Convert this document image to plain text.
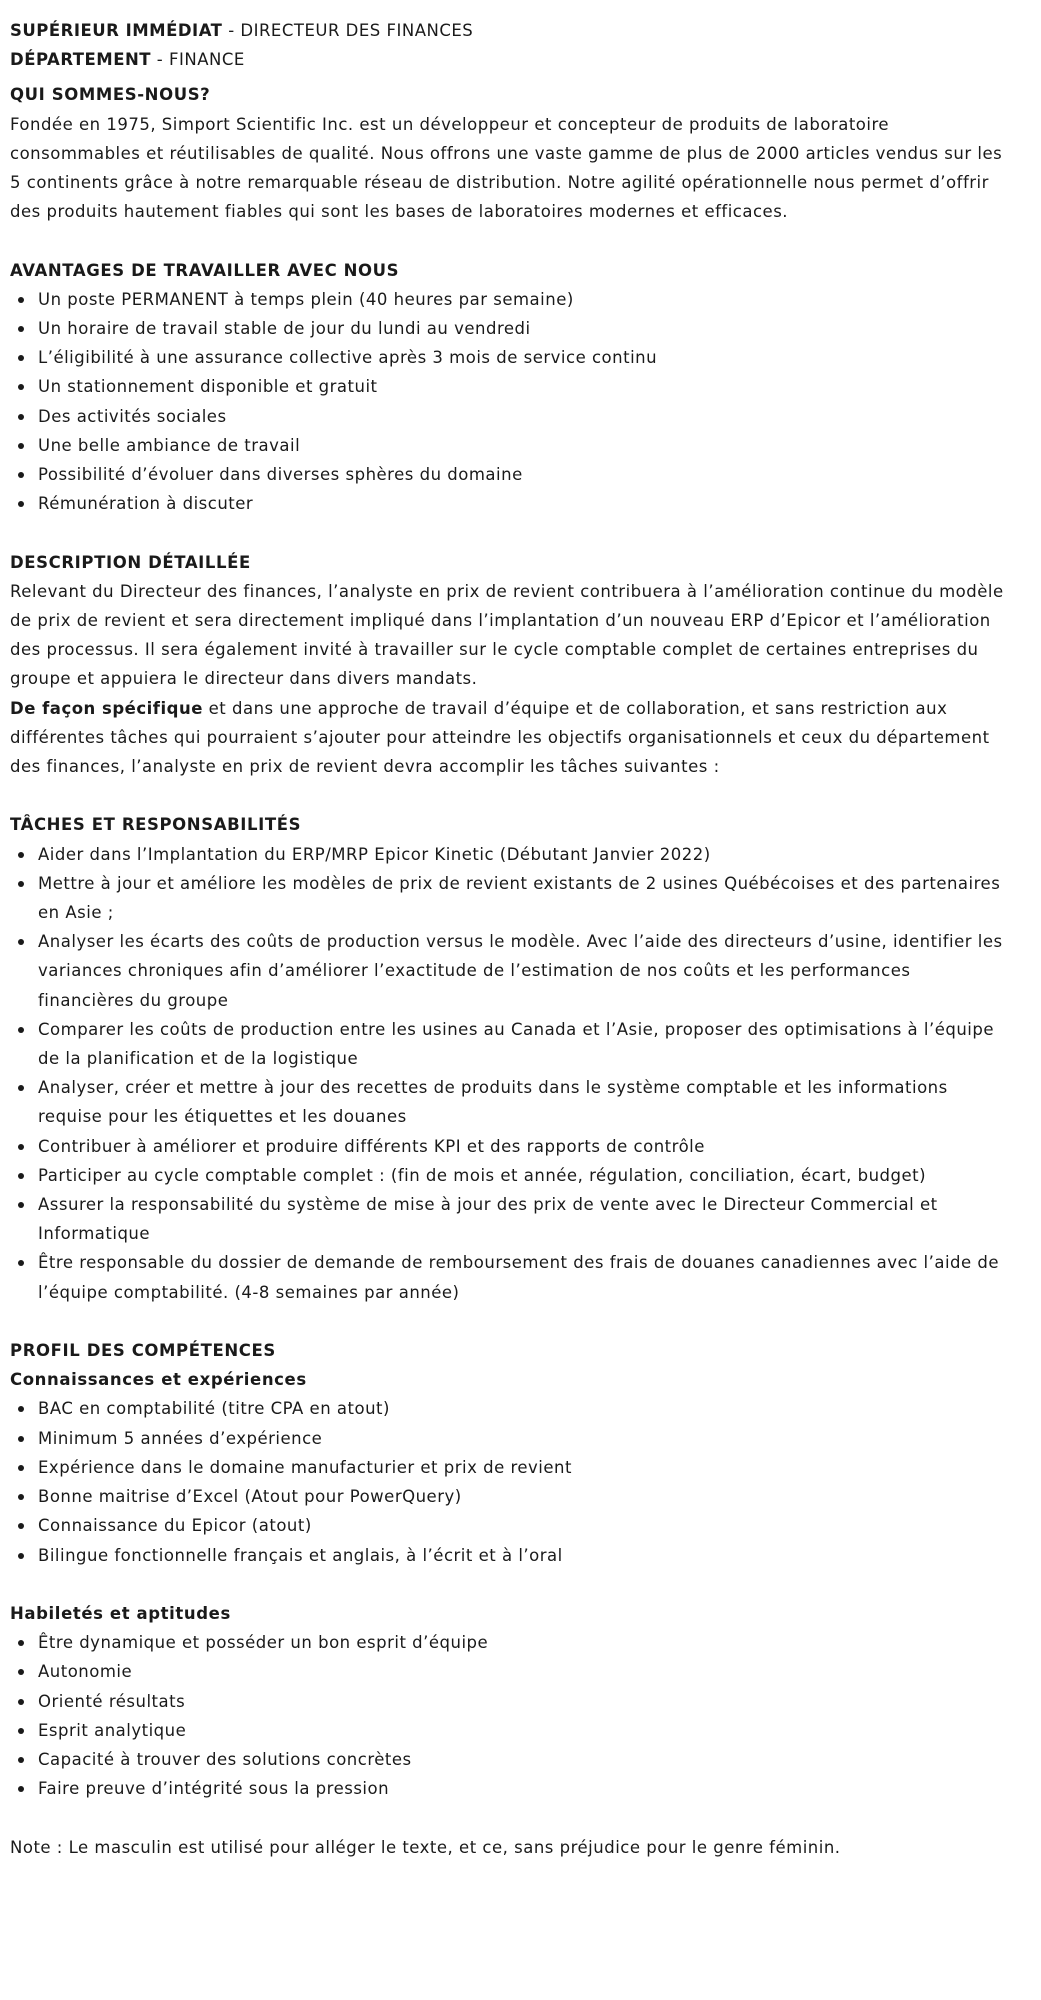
SUPÉRIEUR IMMÉDIAT - DIRECTEUR DES FINANCES

DÉPARTEMENT - FINANCE

QUI SOMMES-NOUS?

Fondée en 1975, Simport Scientific Inc. est un développeur et concepteur de produits de laboratoire consommables et réutilisables de qualité. Nous offrons une vaste gamme de plus de 2000 articles vendus sur les 5 continents grâce à notre remarquable réseau de distribution. Notre agilité opérationnelle nous permet d’offrir des produits hautement fiables qui sont les bases de laboratoires modernes et efficaces.

AVANTAGES DE TRAVAILLER AVEC NOUS

Un poste PERMANENT à temps plein (40 heures par semaine)
Un horaire de travail stable de jour du lundi au vendredi
L’éligibilité à une assurance collective après 3 mois de service continu
Un stationnement disponible et gratuit
Des activités sociales
Une belle ambiance de travail
Possibilité d’évoluer dans diverses sphères du domaine
Rémunération à discuter

DESCRIPTION DÉTAILLÉE

Relevant du Directeur des finances, l’analyste en prix de revient contribuera à l’amélioration continue du modèle de prix de revient et sera directement impliqué dans l’implantation d’un nouveau ERP d’Epicor et l’amélioration des processus. Il sera également invité à travailler sur le cycle comptable complet de certaines entreprises du groupe et appuiera le directeur dans divers mandats.

De façon spécifique et dans une approche de travail d’équipe et de collaboration, et sans restriction aux différentes tâches qui pourraient s’ajouter pour atteindre les objectifs organisationnels et ceux du département des finances, l’analyste en prix de revient devra accomplir les tâches suivantes :

TÂCHES ET RESPONSABILITÉS

Aider dans l’Implantation du ERP/MRP Epicor Kinetic (Débutant Janvier 2022)
Mettre à jour et améliore les modèles de prix de revient existants de 2 usines Québécoises et des partenaires en Asie ;
Analyser les écarts des coûts de production versus le modèle. Avec l’aide des directeurs d’usine, identifier les variances chroniques afin d’améliorer l’exactitude de l’estimation de nos coûts et les performances financières du groupe
Comparer les coûts de production entre les usines au Canada et l’Asie, proposer des optimisations à l’équipe de la planification et de la logistique
Analyser, créer et mettre à jour des recettes de produits dans le système comptable et les informations requise pour les étiquettes et les douanes
Contribuer à améliorer et produire différents KPI et des rapports de contrôle
Participer au cycle comptable complet : (fin de mois et année, régulation, conciliation, écart, budget)
Assurer la responsabilité du système de mise à jour des prix de vente avec le Directeur Commercial et Informatique
Être responsable du dossier de demande de remboursement des frais de douanes canadiennes avec l’aide de l’équipe comptabilité. (4-8 semaines par année)

PROFIL DES COMPÉTENCES

Connaissances et expériences

BAC en comptabilité (titre CPA en atout)
Minimum 5 années d’expérience
Expérience dans le domaine manufacturier et prix de revient
Bonne maitrise d’Excel (Atout pour PowerQuery)
Connaissance du Epicor (atout)
Bilingue fonctionnelle français et anglais, à l’écrit et à l’oral

Habiletés et aptitudes

Être dynamique et posséder un bon esprit d’équipe
Autonomie
Orienté résultats
Esprit analytique
Capacité à trouver des solutions concrètes
Faire preuve d’intégrité sous la pression

Note : Le masculin est utilisé pour alléger le texte, et ce, sans préjudice pour le genre féminin.
